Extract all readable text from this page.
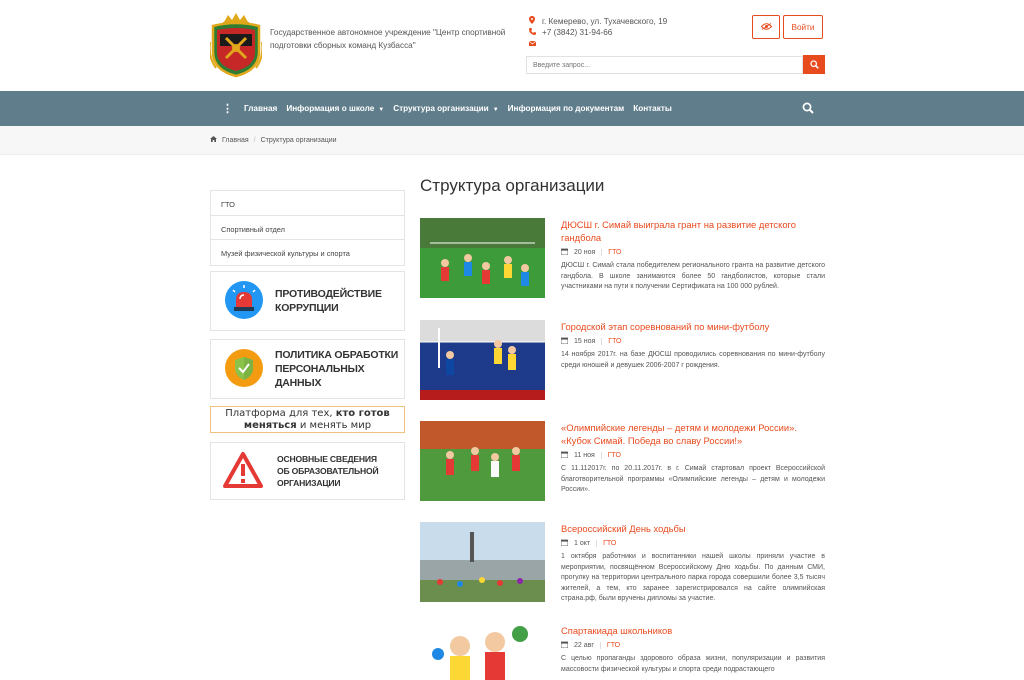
Государственное автономное учреждение "Центр спортивной подготовки сборных команд Кузбасса"
г. Кемерево, ул. Тухачевского, 19
+7 (3842) 31-94-66
Войти
Введите запрос...
⋮ Главная	Информация о школе ▼	Структура организации ▼	Информация по документам	Контакты
Главная / Структура организации
ГТО
Спортивный отдел
Музей физической культуры и спорта
ПРОТИВОДЕЙСТВИЕ
КОРРУПЦИИ
ПОЛИТИКА ОБРАБОТКИ
ПЕРСОНАЛЬНЫХ ДАННЫХ
Платформа для тех, кто готов
меняться и менять мир
ОСНОВНЫЕ СВЕДЕНИЯ
ОБ ОБРАЗОВАТЕЛЬНОЙ
ОРГАНИЗАЦИИ
Структура организации
ДЮСШ г. Симай выиграла грант на развитие детского гандбола
20 ноя	ГТО
ДЮСШ г. Симай стала победителем регионального гранта на развитие детского гандбола. В школе занимаются более 50 гандболистов, которые стали участниками на пути к получении Сертификата на 100 000 рублей.
Городской этап соревнований по мини-футболу
15 ноя	ГТО
14 ноября 2017г. на базе ДЮСШ проводились соревнования по мини-футболу среди юношей и девушек 2006-2007 г рождения.
«Олимпийские легенды – детям и молодежи России». «Кубок Симай. Победа во славу России!»
11 ноя	ГТО
С 11.112017г. по 20.11.2017г. в г. Симай стартовал проект Всероссийской благотворительной программы «Олимпийские легенды – детям и молодежи России».
Всероссийский День ходьбы
1 окт	ГТО
1 октября работники и воспитанники нашей школы приняли участие в мероприятии, посвящённом Всероссийскому Дню ходьбы. По данным СМИ, прогулку на территории центрального парка города совершили более 3,5 тысяч жителей, а тем, кто заранее зарегистрировался на сайте олимпийская страна.рф, были вручены дипломы за участие.
Спартакиада школьников
22 авг	ГТО
С целью пропаганды здорового образа жизни, популяризации и развития массовости физической культуры и спорта среди подрастающего
